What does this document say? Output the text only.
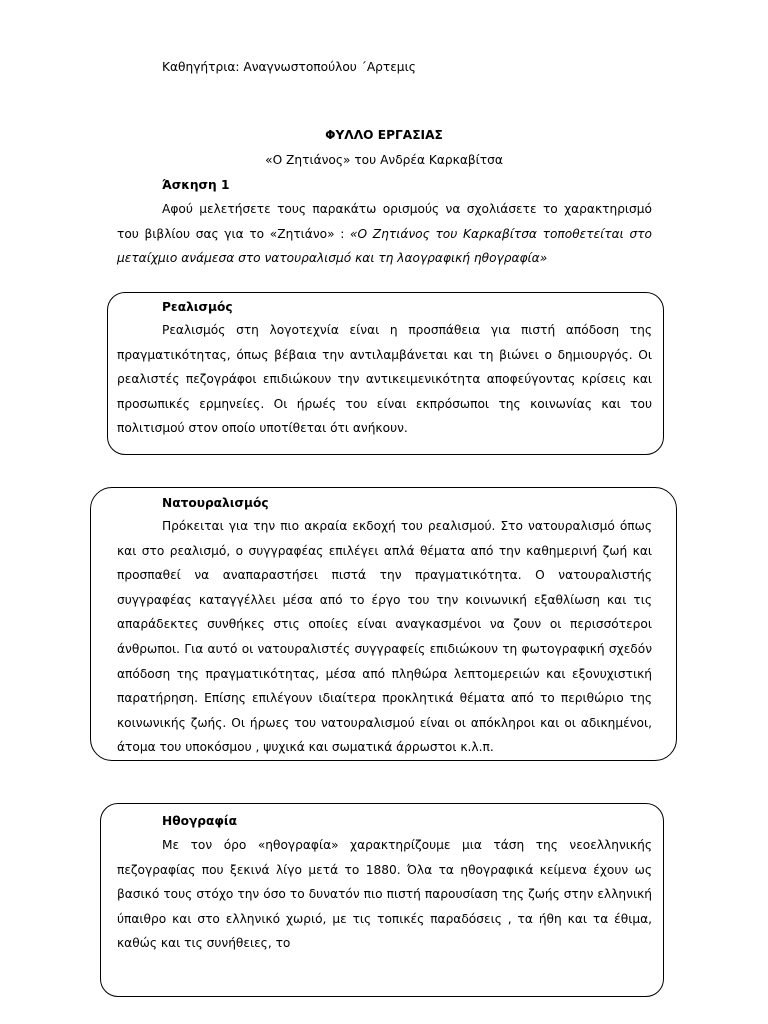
Καθηγήτρια: Αναγνωστοπούλου ΄Αρτεμις
ΦΥΛΛΟ ΕΡΓΑΣΙΑΣ
«Ο Ζητιάνος» του Ανδρέα Καρκαβίτσα
Άσκηση 1

Αφού μελετήσετε τους παρακάτω ορισμούς να σχολιάσετε το χαρακτηρισμό του βιβλίου σας για το «Ζητιάνο» : «Ο Ζητιάνος του Καρκαβίτσα τοποθετείται στο μεταίχμιο ανάμεσα στο νατουραλισμό και τη λαογραφική ηθογραφία»

Ρεαλισμός

Ρεαλισμός στη λογοτεχνία είναι η προσπάθεια για πιστή απόδοση της πραγματικότητας, όπως βέβαια την αντιλαμβάνεται και τη βιώνει ο δημιουργός. Οι ρεαλιστές πεζογράφοι επιδιώκουν την αντικειμενικότητα αποφεύγοντας κρίσεις και προσωπικές ερμηνείες. Οι ήρωές του είναι εκπρόσωποι της κοινωνίας και του πολιτισμού στον οποίο υποτίθεται ότι ανήκουν.

Νατουραλισμός

Πρόκειται για την πιο ακραία εκδοχή του ρεαλισμού. Στο νατουραλισμό όπως και στο ρεαλισμό, ο συγγραφέας επιλέγει απλά θέματα από την καθημερινή ζωή και προσπαθεί να αναπαραστήσει πιστά την πραγματικότητα. Ο νατουραλιστής συγγραφέας καταγγέλλει μέσα από το έργο του την κοινωνική εξαθλίωση και τις απαράδεκτες συνθήκες στις οποίες είναι αναγκασμένοι να ζουν οι περισσότεροι άνθρωποι. Για αυτό οι νατουραλιστές συγγραφείς επιδιώκουν τη φωτογραφική σχεδόν απόδοση της πραγματικότητας, μέσα από πληθώρα λεπτομερειών και εξονυχιστική παρατήρηση. Επίσης επιλέγουν ιδιαίτερα προκλητικά θέματα από το περιθώριο της κοινωνικής ζωής. Οι ήρωες του νατουραλισμού είναι οι απόκληροι και οι αδικημένοι, άτομα του υποκόσμου , ψυχικά και σωματικά άρρωστοι κ.λ.π.

Ηθογραφία

Με τον όρο «ηθογραφία» χαρακτηρίζουμε μια τάση της νεοελληνικής πεζογραφίας που ξεκινά λίγο μετά το 1880. Όλα τα ηθογραφικά κείμενα έχουν ως βασικό τους στόχο την όσο το δυνατόν πιο πιστή παρουσίαση της ζωής στην ελληνική ύπαιθρο και στο ελληνικό χωριό, με τις τοπικές παραδόσεις , τα ήθη και τα έθιμα, καθώς και τις συνήθειες, το
